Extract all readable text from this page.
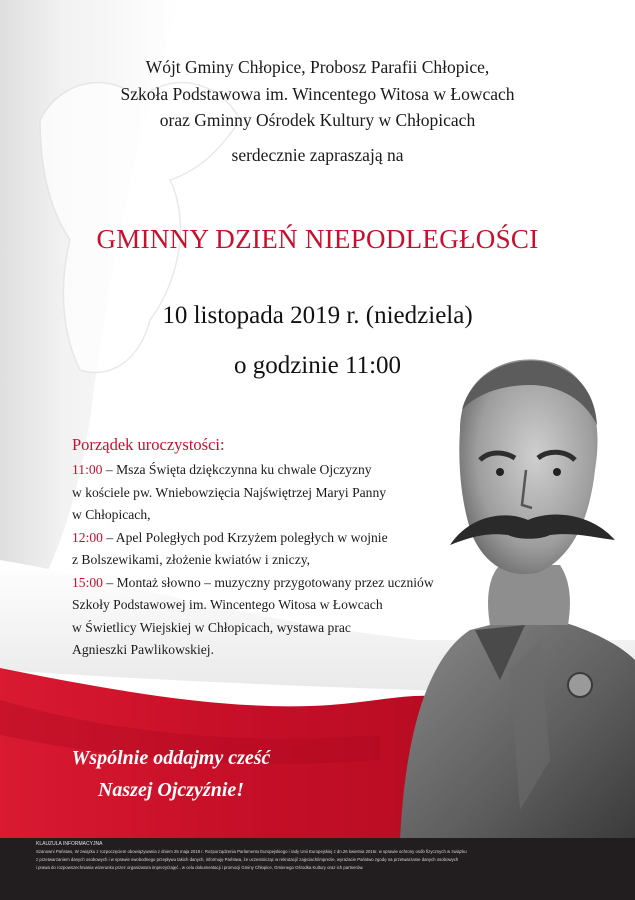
Wójt Gminy Chłopice, Probosz Parafii Chłopice,
Szkoła Podstawowa im. Wincentego Witosa w Łowcach
oraz Gminny Ośrodek Kultury w Chłopicach
serdecznie zapraszają na
GMINNY DZIEŃ NIEPODLEGŁOŚCI
10 listopada 2019 r. (niedziela)
o godzinie 11:00
Porządek uroczystości:
11:00 – Msza Święta dziękczynna ku chwale Ojczyzny
w kościele pw. Wniebowzięcia Najświętrzej Maryi Panny
w Chłopicach,
12:00 – Apel Poległych pod Krzyżem poległych w wojnie
z Bolszewikami, złożenie kwiatów i zniczy,
15:00 – Montaż słowno – muzyczny przygotowany przez uczniów
Szkoły Podstawowej im. Wincentego Witosa w Łowcach
w Świetlicy Wiejskiej w Chłopicach, wystawa prac
Agnieszki Pawlikowskiej.
Wspólnie oddajmy cześć
Naszej Ojczyźnie!
KLAUZULA INFORMACYJNA
Szanowni Państwo, W związku z rozpoczęciem obowiązywania z dniem 25 maja 2018 r. Rozporządzenia Parlamentu Europejskiego i rady Unii Europejskiej z dn.26 kwietnia 2016r. w sprawie ochrony osób fizycznych w związku
z przetwarzaniem danych osobowych i w sprawie swobodnego przepływu takich danych, informuję Państwa, że uczestnicząc w rekrutacji/ zajęciach/imprezie, wyrażacie Państwo zgodę na przetwarzanie danych osobowych
i prawa do rozpowszechniania wizerunku przez organizatora imprezy/zajęć , w celu dokumentacji i promocji Gminy Chłopice, Gminnego Ośrodka Kultury oraz ich partnerów.
